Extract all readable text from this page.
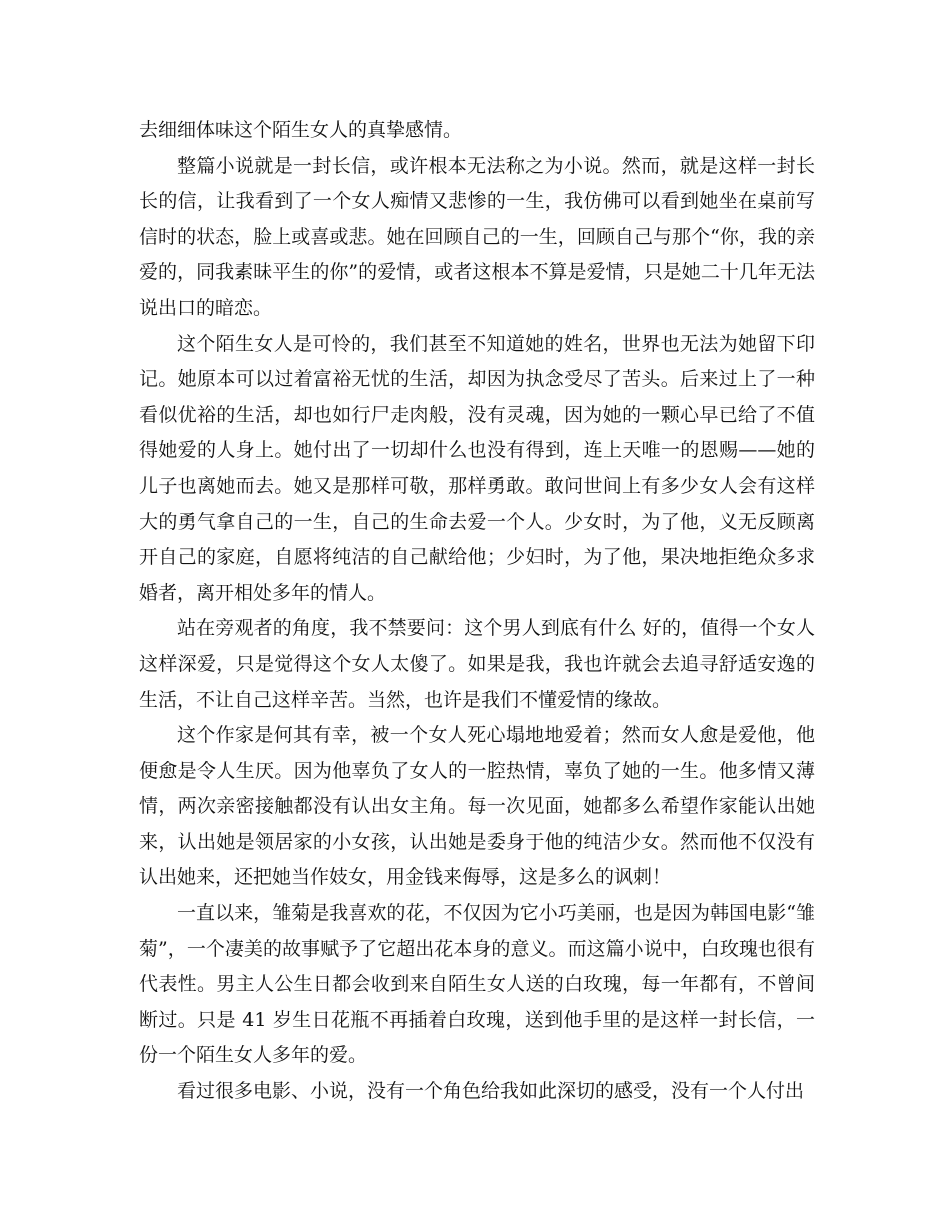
去细细体味这个陌生女人的真挚感情。

整篇小说就是一封长信，或许根本无法称之为小说。然而，就是这样一封长长的信，让我看到了一个女人痴情又悲惨的一生，我仿佛可以看到她坐在桌前写信时的状态，脸上或喜或悲。她在回顾自己的一生，回顾自己与那个“你，我的亲爱的，同我素昧平生的你”的爱情，或者这根本不算是爱情，只是她二十几年无法说出口的暗恋。

这个陌生女人是可怜的，我们甚至不知道她的姓名，世界也无法为她留下印记。她原本可以过着富裕无忧的生活，却因为执念受尽了苦头。后来过上了一种看似优裕的生活，却也如行尸走肉般，没有灵魂，因为她的一颗心早已给了不值得她爱的人身上。她付出了一切却什么也没有得到，连上天唯一的恩赐——她的儿子也离她而去。她又是那样可敬，那样勇敢。敢问世间上有多少女人会有这样大的勇气拿自己的一生，自己的生命去爱一个人。少女时，为了他，义无反顾离开自己的家庭，自愿将纯洁的自己献给他；少妇时，为了他，果决地拒绝众多求婚者，离开相处多年的情人。

站在旁观者的角度，我不禁要问：这个男人到底有什么 好的，值得一个女人这样深爱，只是觉得这个女人太傻了。如果是我，我也许就会去追寻舒适安逸的生活，不让自己这样辛苦。当然，也许是我们不懂爱情的缘故。

这个作家是何其有幸，被一个女人死心塌地地爱着；然而女人愈是爱他，他便愈是令人生厌。因为他辜负了女人的一腔热情，辜负了她的一生。他多情又薄情，两次亲密接触都没有认出女主角。每一次见面，她都多么希望作家能认出她来，认出她是领居家的小女孩，认出她是委身于他的纯洁少女。然而他不仅没有认出她来，还把她当作妓女，用金钱来侮辱，这是多么的讽刺！

一直以来，雏菊是我喜欢的花，不仅因为它小巧美丽，也是因为韩国电影“雏菊”，一个凄美的故事赋予了它超出花本身的意义。而这篇小说中，白玫瑰也很有代表性。男主人公生日都会收到来自陌生女人送的白玫瑰，每一年都有，不曾间断过。只是 41 岁生日花瓶不再插着白玫瑰，送到他手里的是这样一封长信，一份一个陌生女人多年的爱。

看过很多电影、小说，没有一个角色给我如此深切的感受，没有一个人付出
